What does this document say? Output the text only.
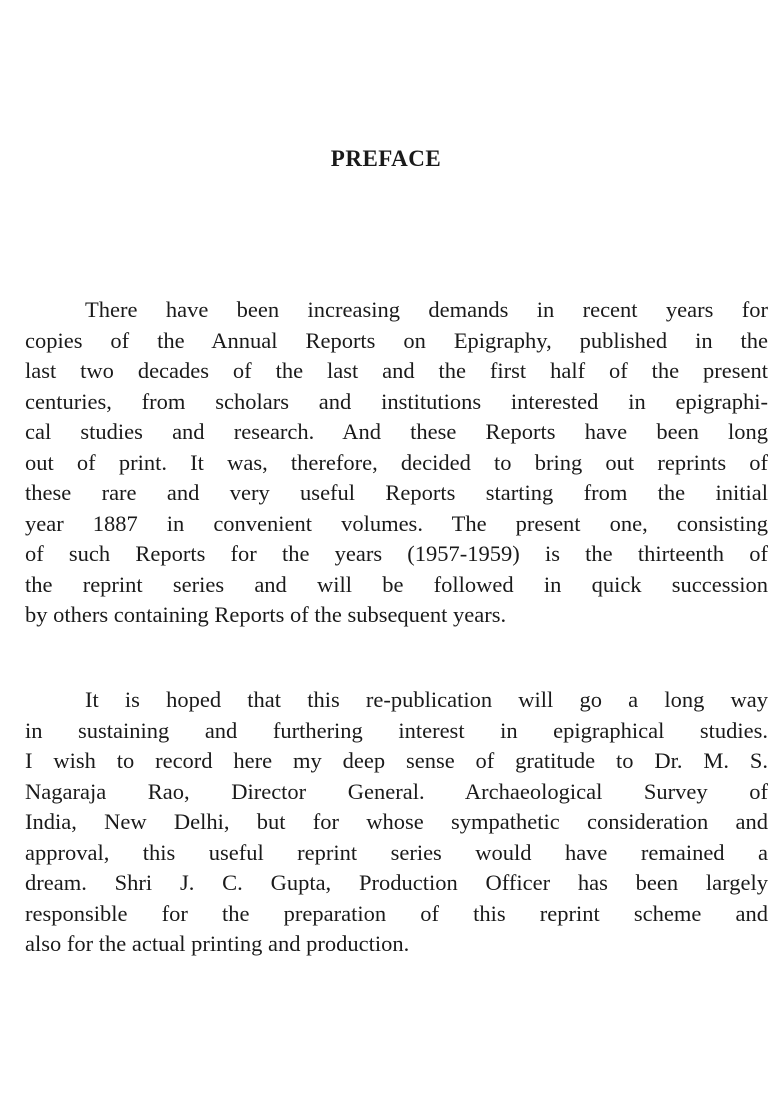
PREFACE
There have been increasing demands in recent years for
copies of the Annual Reports on Epigraphy, published in the
last two decades of the last and the first half of the present
centuries, from scholars and institutions interested in epigraphi-
cal studies and research. And these Reports have been long
out of print. It was, therefore, decided to bring out reprints of
these rare and very useful Reports starting from the initial
year 1887 in convenient volumes. The present one, consisting
of such Reports for the years (1957-1959) is the thirteenth of
the reprint series and will be followed in quick succession
by others containing Reports of the subsequent years.
It is hoped that this re-publication will go a long way
in sustaining and furthering interest in epigraphical studies.
I wish to record here my deep sense of gratitude to Dr. M. S.
Nagaraja Rao, Director General. Archaeological Survey of
India, New Delhi, but for whose sympathetic consideration and
approval, this useful reprint series would have remained a
dream. Shri J. C. Gupta, Production Officer has been largely
responsible for the preparation of this reprint scheme and
also for the actual printing and production.
